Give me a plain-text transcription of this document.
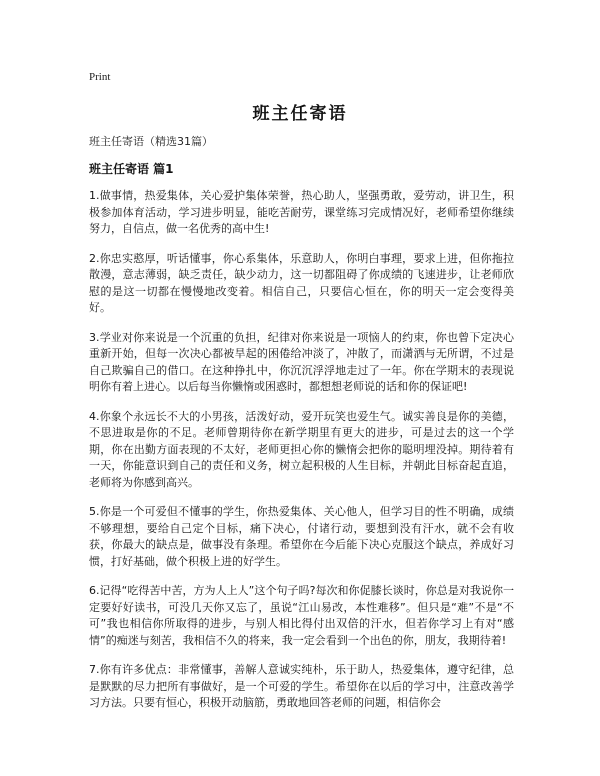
Print
班主任寄语
班主任寄语（精选31篇）
班主任寄语 篇1

1.做事情，热爱集体，关心爱护集体荣誉，热心助人，坚强勇敢，爱劳动，讲卫生，积极参加体育活动，学习进步明显，能吃苦耐劳，课堂练习完成情况好，老师希望你继续努力，自信点，做一名优秀的高中生!

2.你忠实憨厚，听话懂事，你心系集体，乐意助人，你明白事理，要求上进，但你拖拉散漫，意志薄弱，缺乏责任，缺少动力，这一切都阻碍了你成绩的飞速进步，让老师欣慰的是这一切都在慢慢地改变着。相信自己，只要信心恒在，你的明天一定会变得美好。

3.学业对你来说是一个沉重的负担，纪律对你来说是一项恼人的约束，你也曾下定决心重新开始，但每一次决心都被旱起的困倦给冲淡了，冲散了，而潇洒与无所谓，不过是自己欺骗自己的借口。在这种挣扎中，你沉沉浮浮地走过了一年。你在学期末的表现说明你有着上进心。以后每当你懒惰或困惑时，都想想老师说的话和你的保证吧!

4.你象个永远长不大的小男孩，活泼好动，爱开玩笑也爱生气。诚实善良是你的美德，不思进取是你的不足。老师曾期待你在新学期里有更大的进步，可是过去的这一个学期，你在出勤方面表现的不太好，老师更担心你的懒惰会把你的聪明埋没掉。期待着有一天，你能意识到自己的责任和义务，树立起积极的人生目标，并朝此目标奋起直追，老师将为你感到高兴。

5.你是一个可爱但不懂事的学生，你热爱集体、关心他人，但学习目的性不明确，成绩不够理想，要给自己定个目标，痛下决心，付诸行动，要想到没有汗水，就不会有收获，你最大的缺点是，做事没有条理。希望你在今后能下决心克服这个缺点，养成好习惯，打好基础，做个积极上进的好学生。

6.记得“吃得苦中苦，方为人上人”这个句子吗?每次和你促膝长谈时，你总是对我说你一定要好好读书，可没几天你又忘了，虽说“江山易改，本性难移”。但只是“难”不是“不可”我也相信你所取得的进步，与别人相比得付出双倍的汗水，但若你学习上有对“感情”的痴迷与刻苦，我相信不久的将来，我一定会看到一个出色的你，朋友，我期待着!

7.你有许多优点：非常懂事，善解人意诚实纯朴，乐于助人，热爱集体，遵守纪律，总是默默的尽力把所有事做好，是一个可爱的学生。希望你在以后的学习中，注意改善学习方法。只要有恒心，积极开动脑筋，勇敢地回答老师的问题，相信你会
